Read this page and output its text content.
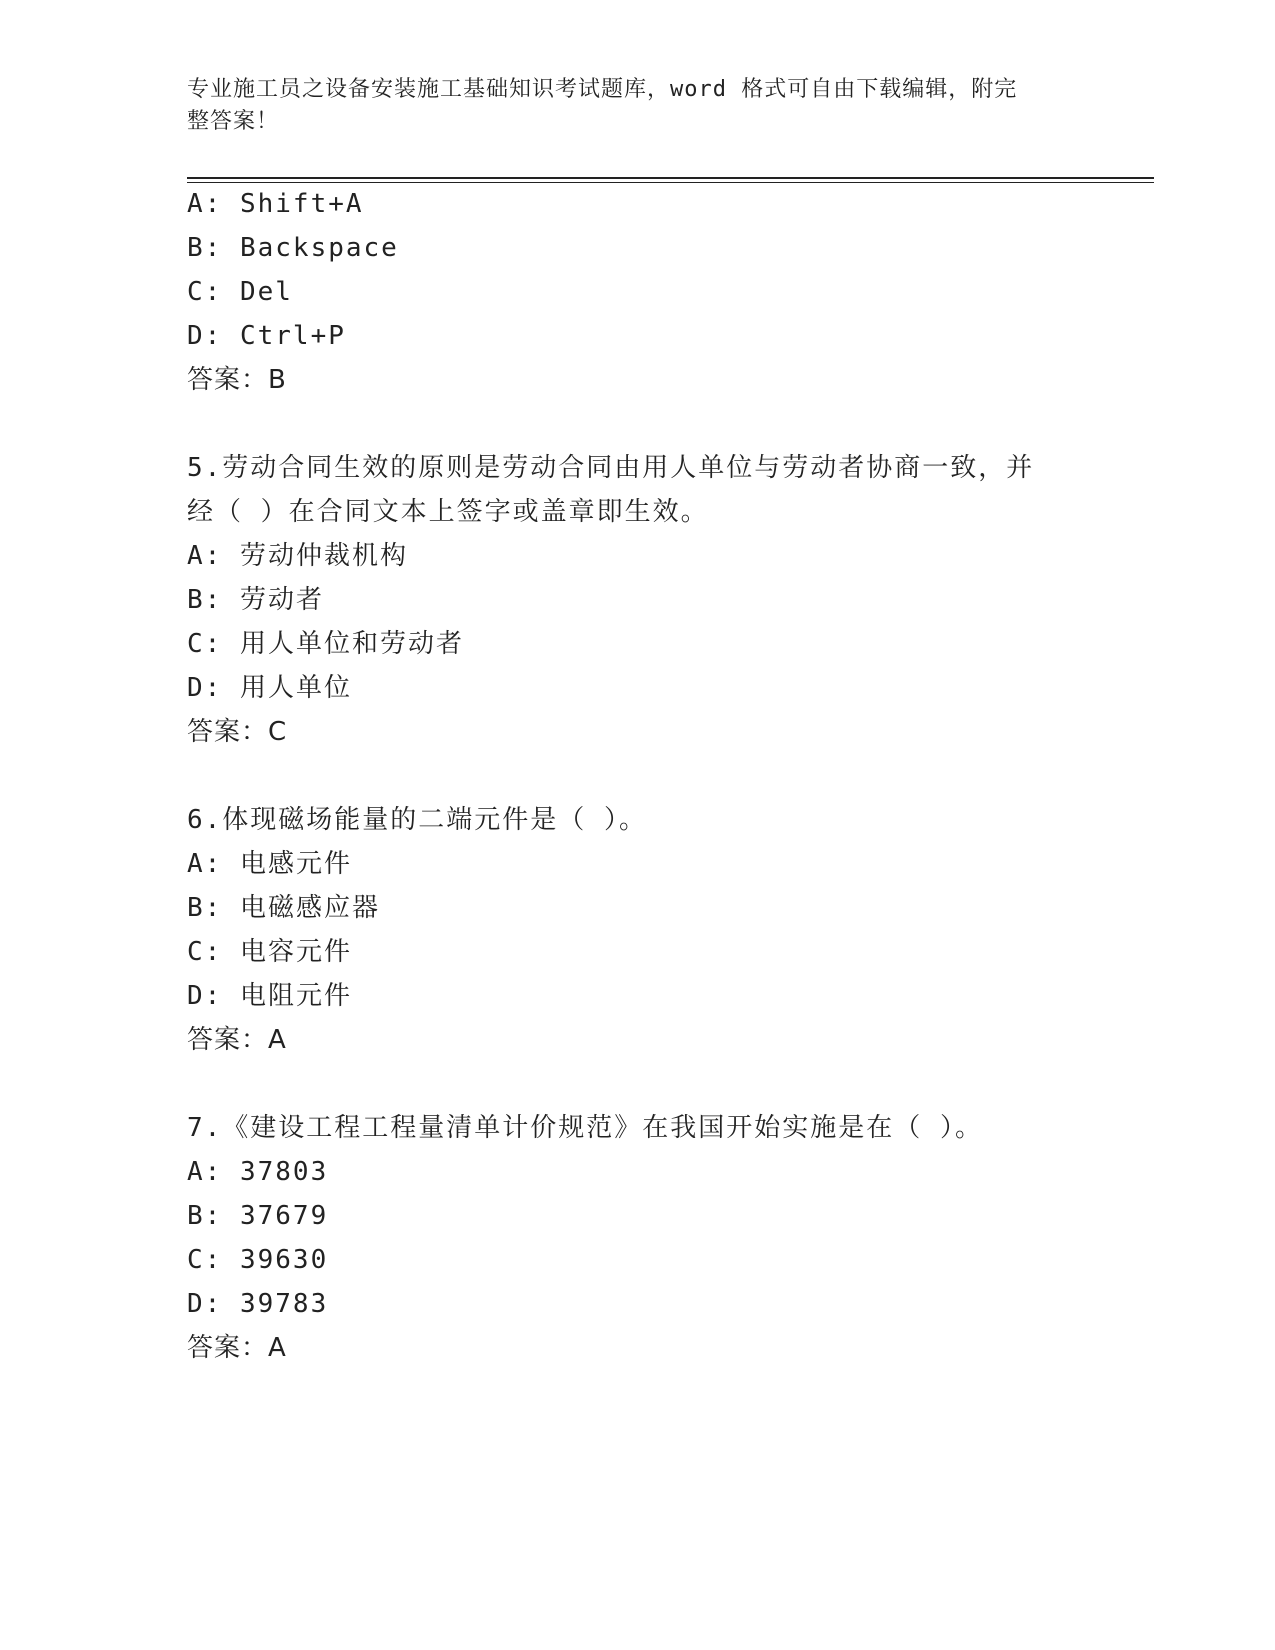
专业施工员之设备安装施工基础知识考试题库，word 格式可自由下载编辑，附完
整答案！
A: Shift+A
B: Backspace
C: Del
D: Ctrl+P
答案：B
5.劳动合同生效的原则是劳动合同由用人单位与劳动者协商一致，并
经（ ）在合同文本上签字或盖章即生效。
A: 劳动仲裁机构
B: 劳动者
C: 用人单位和劳动者
D: 用人单位
答案：C
6.体现磁场能量的二端元件是（ ）。
A: 电感元件
B: 电磁感应器
C: 电容元件
D: 电阻元件
答案：A
7.《建设工程工程量清单计价规范》在我国开始实施是在（ ）。
A: 37803
B: 37679
C: 39630
D: 39783
答案：A
